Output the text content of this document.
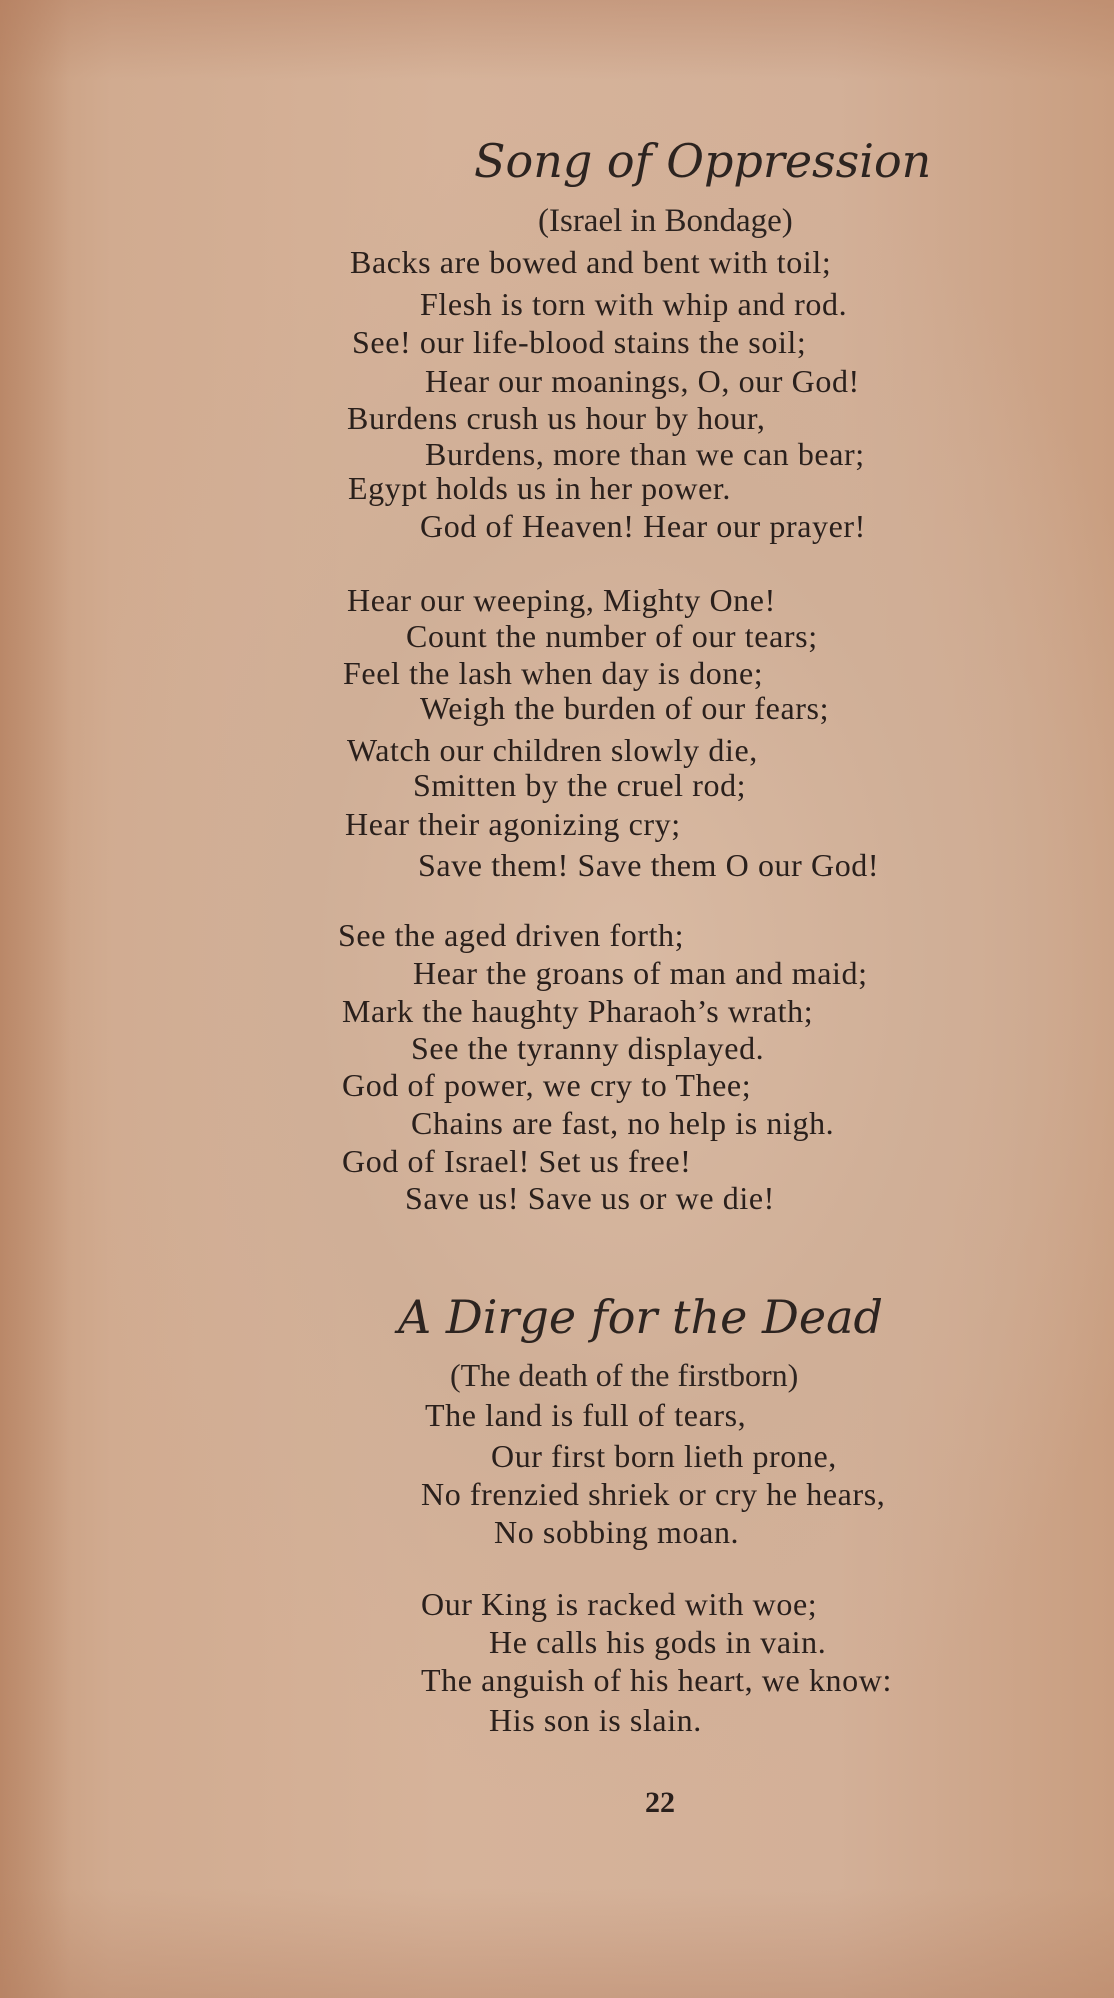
Song of Oppression
(Israel in Bondage)
Backs are bowed and bent with toil;
Flesh is torn with whip and rod.
See! our life-blood stains the soil;
Hear our moanings, O, our God!
Burdens crush us hour by hour,
Burdens, more than we can bear;
Egypt holds us in her power.
God of Heaven! Hear our prayer!
Hear our weeping, Mighty One!
Count the number of our tears;
Feel the lash when day is done;
Weigh the burden of our fears;
Watch our children slowly die,
Smitten by the cruel rod;
Hear their agonizing cry;
Save them! Save them O our God!
See the aged driven forth;
Hear the groans of man and maid;
Mark the haughty Pharaoh’s wrath;
See the tyranny displayed.
God of power, we cry to Thee;
Chains are fast, no help is nigh.
God of Israel! Set us free!
Save us! Save us or we die!
A Dirge for the Dead
(The death of the firstborn)
The land is full of tears,
Our first born lieth prone,
No frenzied shriek or cry he hears,
No sobbing moan.
Our King is racked with woe;
He calls his gods in vain.
The anguish of his heart, we know:
His son is slain.
22
